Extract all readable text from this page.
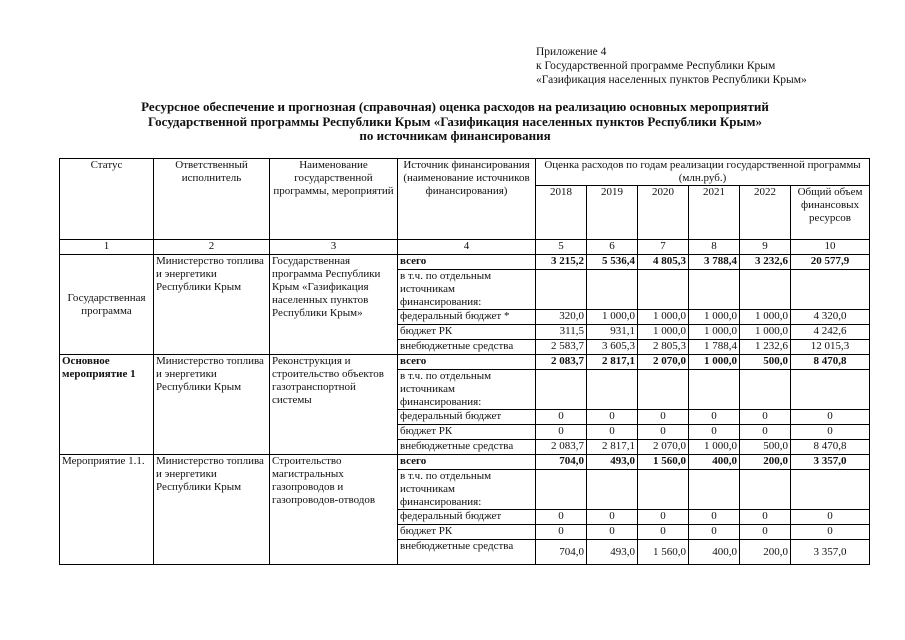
Приложение 4
к Государственной программе Республики Крым
«Газификация населенных пунктов Республики Крым»
Ресурсное обеспечение и прогнозная (справочная) оценка расходов на реализацию основных мероприятий
Государственной программы Республики Крым «Газификация населенных пунктов Республики Крым»
по источникам финансирования
Статус	Ответственный исполнитель	Наименование государственной программы, мероприятий	Источник финансирования (наименование источников финансирования)	Оценка расходов по годам реализации государственной программы (млн.руб.)					
				2018	2019	2020	2021	2022	Общий объем финансовых ресурсов
1	2	3	4	5	6	7	8	9	10
Государственная программа	Министерство топлива и энергетики Республики Крым	Государственная программа Республики Крым «Газификация населенных пунктов Республики Крым»	всего	3 215,2	5 536,4	4 805,3	3 788,4	3 232,6	20 577,9
			в т.ч. по отдельным источникам финансирования:						
			федеральный бюджет *	320,0	1 000,0	1 000,0	1 000,0	1 000,0	4 320,0
			бюджет РК	311,5	931,1	1 000,0	1 000,0	1 000,0	4 242,6
			внебюджетные средства	2 583,7	3 605,3	2 805,3	1 788,4	1 232,6	12 015,3
Основное мероприятие 1	Министерство топлива и энергетики Республики Крым	Реконструкция и строительство объектов газотранспортной системы	всего	2 083,7	2 817,1	2 070,0	1 000,0	500,0	8 470,8
			в т.ч. по отдельным источникам финансирования:						
			федеральный бюджет	0	0	0	0	0	0
			бюджет РК	0	0	0	0	0	0
			внебюджетные средства	2 083,7	2 817,1	2 070,0	1 000,0	500,0	8 470,8
Мероприятие 1.1.	Министерство топлива и энергетики Республики Крым	Строительство магистральных газопроводов и газопроводов-отводов	всего	704,0	493,0	1 560,0	400,0	200,0	3 357,0
			в т.ч. по отдельным источникам финансирования:						
			федеральный бюджет	0	0	0	0	0	0
			бюджет РК	0	0	0	0	0	0
			внебюджетные средства	704,0	493,0	1 560,0	400,0	200,0	3 357,0
